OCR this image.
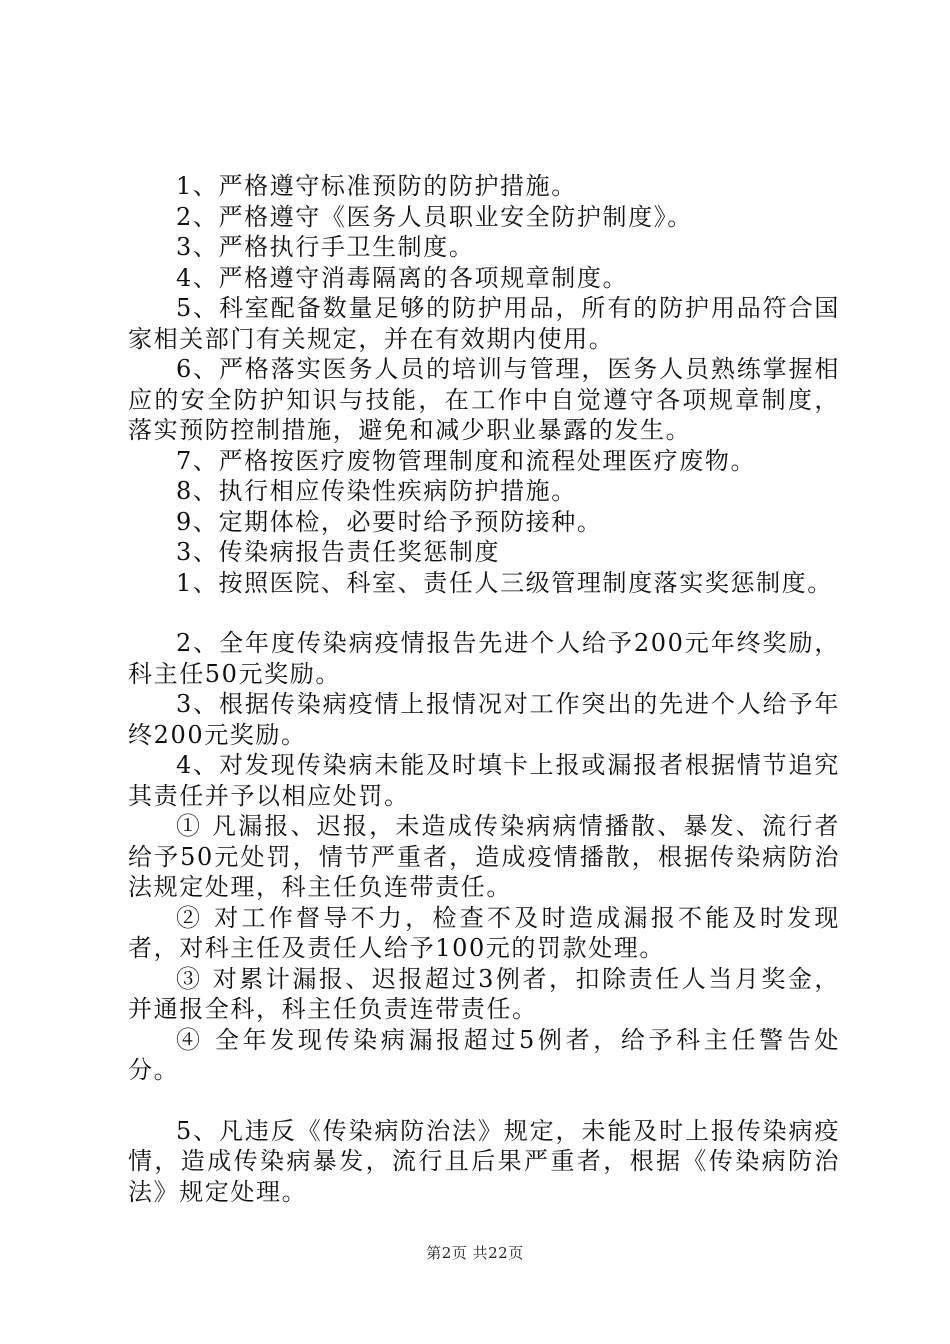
1、严格遵守标准预防的防护措施。

2、严格遵守《医务人员职业安全防护制度》。

3、严格执行手卫生制度。

4、严格遵守消毒隔离的各项规章制度。

5、科室配备数量足够的防护用品，所有的防护用品符合国家相关部门有关规定，并在有效期内使用。

6、严格落实医务人员的培训与管理，医务人员熟练掌握相应的安全防护知识与技能，在工作中自觉遵守各项规章制度，落实预防控制措施，避免和减少职业暴露的发生。

7、严格按医疗废物管理制度和流程处理医疗废物。

8、执行相应传染性疾病防护措施。

9、定期体检，必要时给予预防接种。

3、传染病报告责任奖惩制度

1、按照医院、科室、责任人三级管理制度落实奖惩制度。

2、全年度传染病疫情报告先进个人给予200元年终奖励，科主任50元奖励。

3、根据传染病疫情上报情况对工作突出的先进个人给予年终200元奖励。

4、对发现传染病未能及时填卡上报或漏报者根据情节追究其责任并予以相应处罚。

① 凡漏报、迟报，未造成传染病病情播散、暴发、流行者给予50元处罚，情节严重者，造成疫情播散，根据传染病防治法规定处理，科主任负连带责任。

② 对工作督导不力，检查不及时造成漏报不能及时发现者，对科主任及责任人给予100元的罚款处理。

③ 对累计漏报、迟报超过3例者，扣除责任人当月奖金，并通报全科，科主任负责连带责任。

④ 全年发现传染病漏报超过5例者，给予科主任警告处分。

5、凡违反《传染病防治法》规定，未能及时上报传染病疫情，造成传染病暴发，流行且后果严重者，根据《传染病防治法》规定处理。

第2页 共22页
